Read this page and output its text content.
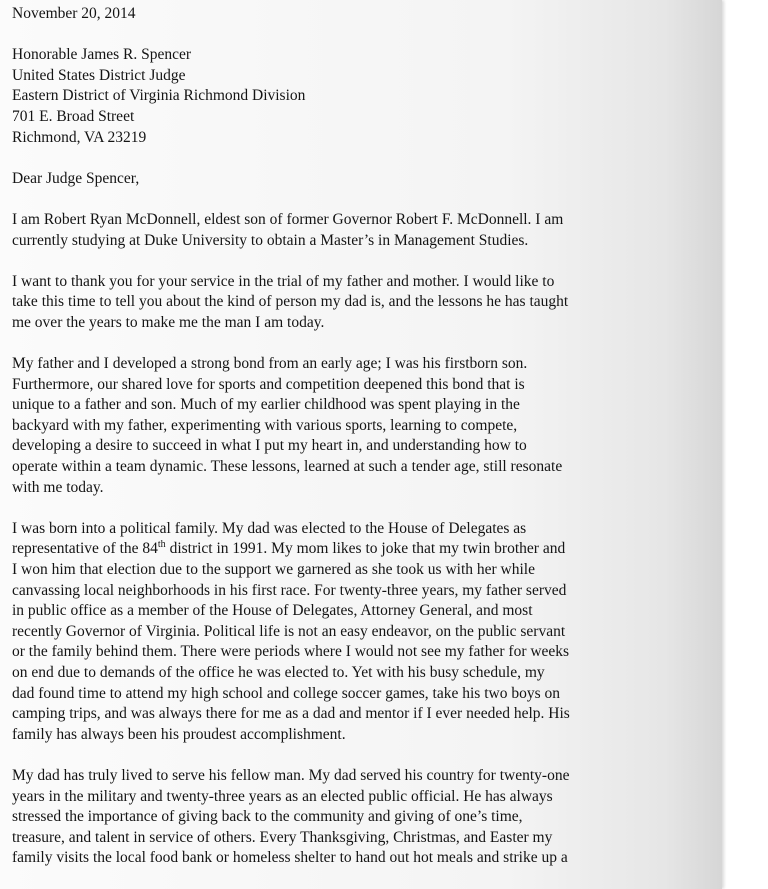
November 20, 2014
Honorable James R. Spencer
United States District Judge
Eastern District of Virginia Richmond Division
701 E. Broad Street
Richmond, VA 23219
Dear Judge Spencer,
I am Robert Ryan McDonnell, eldest son of former Governor Robert F. McDonnell. I am
currently studying at Duke University to obtain a Master’s in Management Studies.
I want to thank you for your service in the trial of my father and mother. I would like to
take this time to tell you about the kind of person my dad is, and the lessons he has taught
me over the years to make me the man I am today.
My father and I developed a strong bond from an early age; I was his firstborn son.
Furthermore, our shared love for sports and competition deepened this bond that is
unique to a father and son. Much of my earlier childhood was spent playing in the
backyard with my father, experimenting with various sports, learning to compete,
developing a desire to succeed in what I put my heart in, and understanding how to
operate within a team dynamic. These lessons, learned at such a tender age, still resonate
with me today.
I was born into a political family. My dad was elected to the House of Delegates as
representative of the 84th district in 1991. My mom likes to joke that my twin brother and
I won him that election due to the support we garnered as she took us with her while
canvassing local neighborhoods in his first race. For twenty-three years, my father served
in public office as a member of the House of Delegates, Attorney General, and most
recently Governor of Virginia. Political life is not an easy endeavor, on the public servant
or the family behind them. There were periods where I would not see my father for weeks
on end due to demands of the office he was elected to. Yet with his busy schedule, my
dad found time to attend my high school and college soccer games, take his two boys on
camping trips, and was always there for me as a dad and mentor if I ever needed help. His
family has always been his proudest accomplishment.
My dad has truly lived to serve his fellow man. My dad served his country for twenty-one
years in the military and twenty-three years as an elected public official. He has always
stressed the importance of giving back to the community and giving of one’s time,
treasure, and talent in service of others. Every Thanksgiving, Christmas, and Easter my
family visits the local food bank or homeless shelter to hand out hot meals and strike up a
